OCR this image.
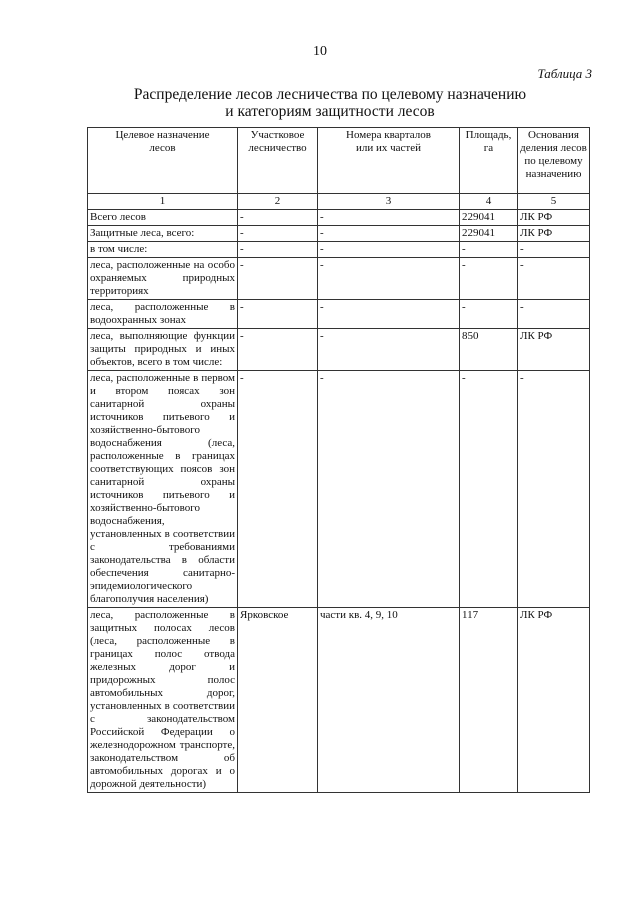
10
Таблица 3
Распределение лесов лесничества по целевому назначению
и категориям защитности лесов
Целевое назначение лесов	Участковое лесничество	Номера кварталов или их частей	Площадь, га	Основания деления лесов по целевому назначению
1	2	3	4	5
Всего лесов	-	-	229041	ЛК РФ
Защитные леса, всего:	-	-	229041	ЛК РФ
в том числе:	-	-	-	-
леса, расположенные на особо охраняемых природных территориях	-	-	-	-
леса, расположенные в водоохранных зонах	-	-	-	-
леса, выполняющие функции защиты природных и иных объектов, всего в том числе:	-	-	850	ЛК РФ
леса, расположенные в первом и втором поясах зон санитарной охраны источников питьевого и хозяйственно-бытового водоснабжения (леса, расположенные в границах соответствующих поясов зон санитарной охраны источников питьевого и хозяйственно-бытового водоснабжения, установленных в соответствии с требованиями законодательства в области обеспечения санитарно-эпидемиологического благополучия населения)	-	-	-	-
леса, расположенные в защитных полосах лесов (леса, расположенные в границах полос отвода железных дорог и придорожных полос автомобильных дорог, установленных в соответствии с законодательством Российской Федерации о железнодорожном транспорте, законодательством об автомобильных дорогах и о дорожной деятельности)	Ярковское	части кв. 4, 9, 10	117	ЛК РФ
